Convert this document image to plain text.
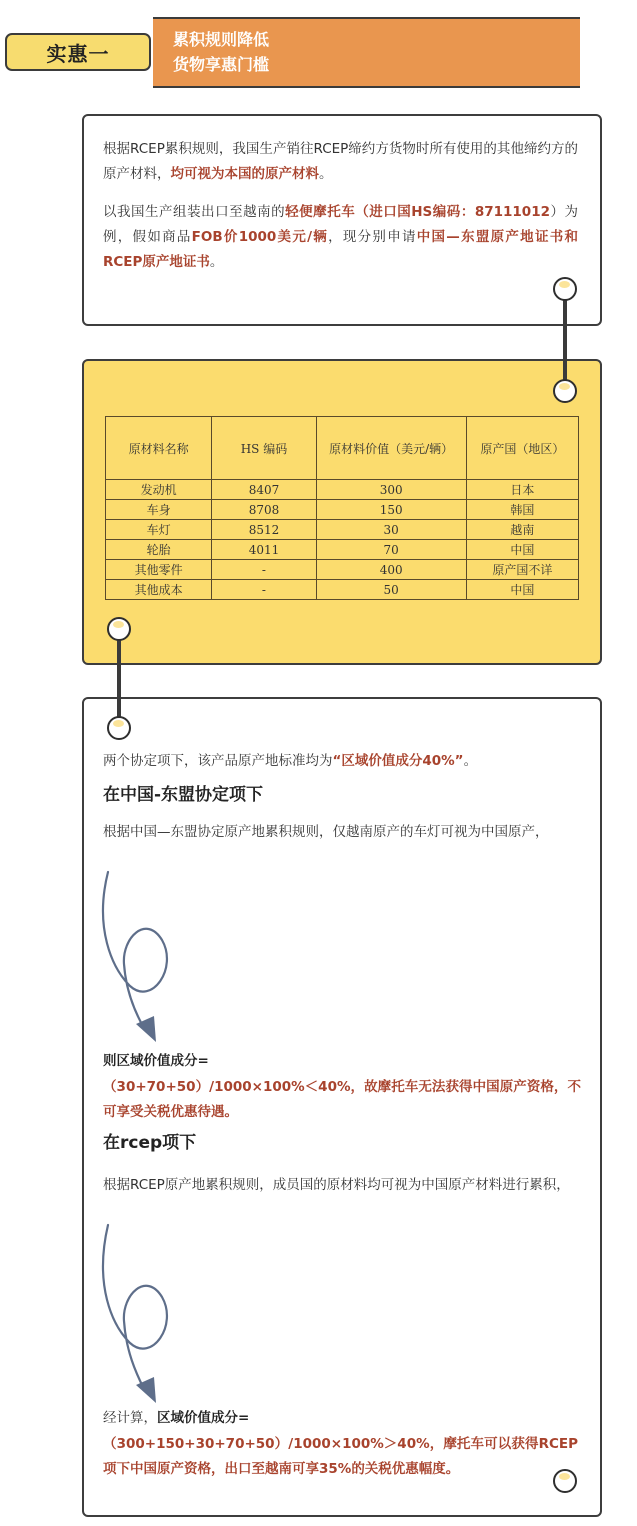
实惠一
累积规则降低
货物享惠门槛
根据RCEP累积规则，我国生产销往RCEP缔约方货物时所有使用的其他缔约方的原产材料，均可视为本国的原产材料。
以我国生产组装出口至越南的轻便摩托车（进口国HS编码：87111012）为例，假如商品FOB价1000美元/辆，现分别申请中国—东盟原产地证书和RCEP原产地证书。
原材料名称	HS 编码	原材料价值（美元/辆）	原产国（地区）
发动机	8407	300	日本
车身	8708	150	韩国
车灯	8512	30	越南
轮胎	4011	70	中国
其他零件	-	400	原产国不详
其他成本	-	50	中国
两个协定项下，该产品原产地标准均为“区域价值成分40%”。
在中国-东盟协定项下
根据中国—东盟协定原产地累积规则，仅越南原产的车灯可视为中国原产，
则区域价值成分=
（30+70+50）/1000×100%＜40%，故摩托车无法获得中国原产资格，不可享受关税优惠待遇。
在rcep项下
根据RCEP原产地累积规则，成员国的原材料均可视为中国原产材料进行累积，
经计算，区域价值成分=
（300+150+30+70+50）/1000×100%＞40%，摩托车可以获得RCEP项下中国原产资格，出口至越南可享35%的关税优惠幅度。
